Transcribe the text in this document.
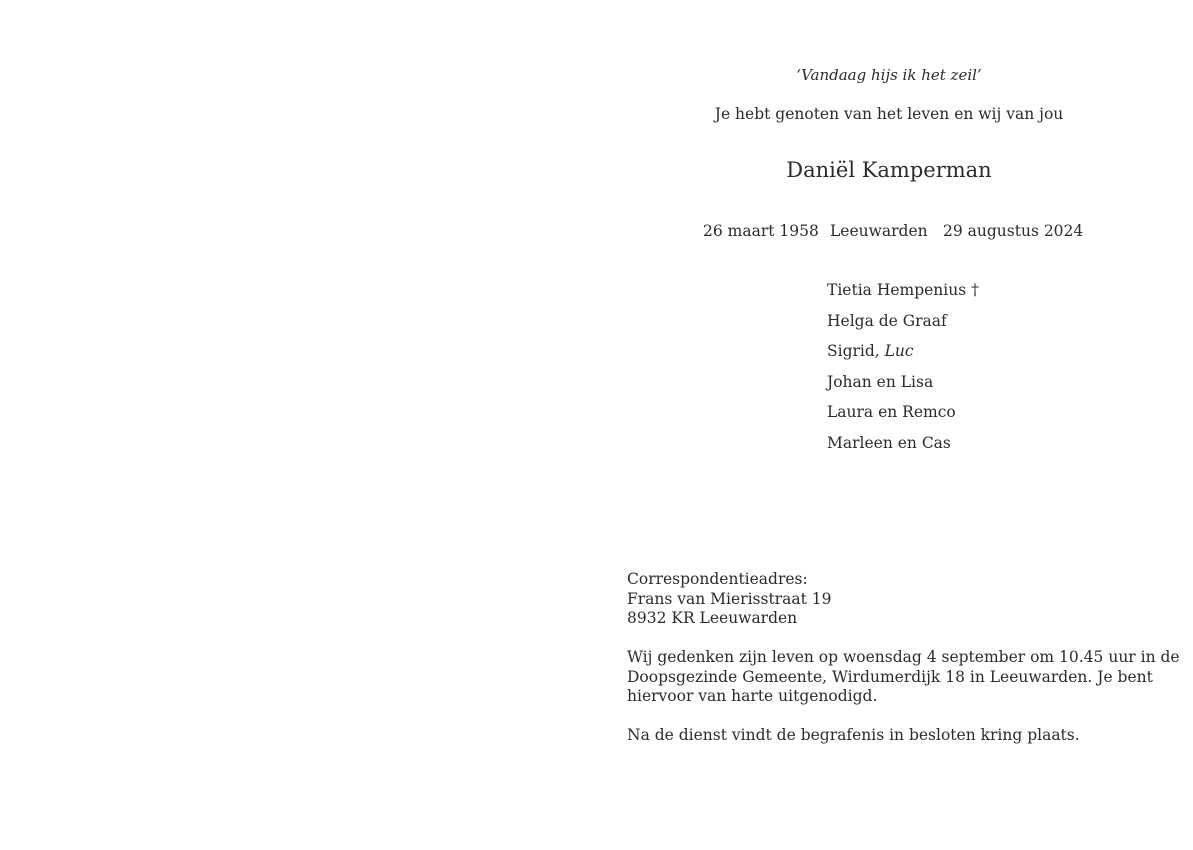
‘Vandaag hijs ik het zeil’
Je hebt genoten van het leven en wij van jou
Daniël Kamperman
26 maart 1958 Leeuwarden 29 augustus 2024
Tietia Hempenius †
Helga de Graaf
Sigrid, Luc
Johan en Lisa
Laura en Remco
Marleen en Cas
Correspondentieadres:
Frans van Mierisstraat 19
8932 KR Leeuwarden
Wij gedenken zijn leven op woensdag 4 september om 10.45 uur in de
Doopsgezinde Gemeente, Wirdumerdijk 18 in Leeuwarden. Je bent
hiervoor van harte uitgenodigd.
Na de dienst vindt de begrafenis in besloten kring plaats.
